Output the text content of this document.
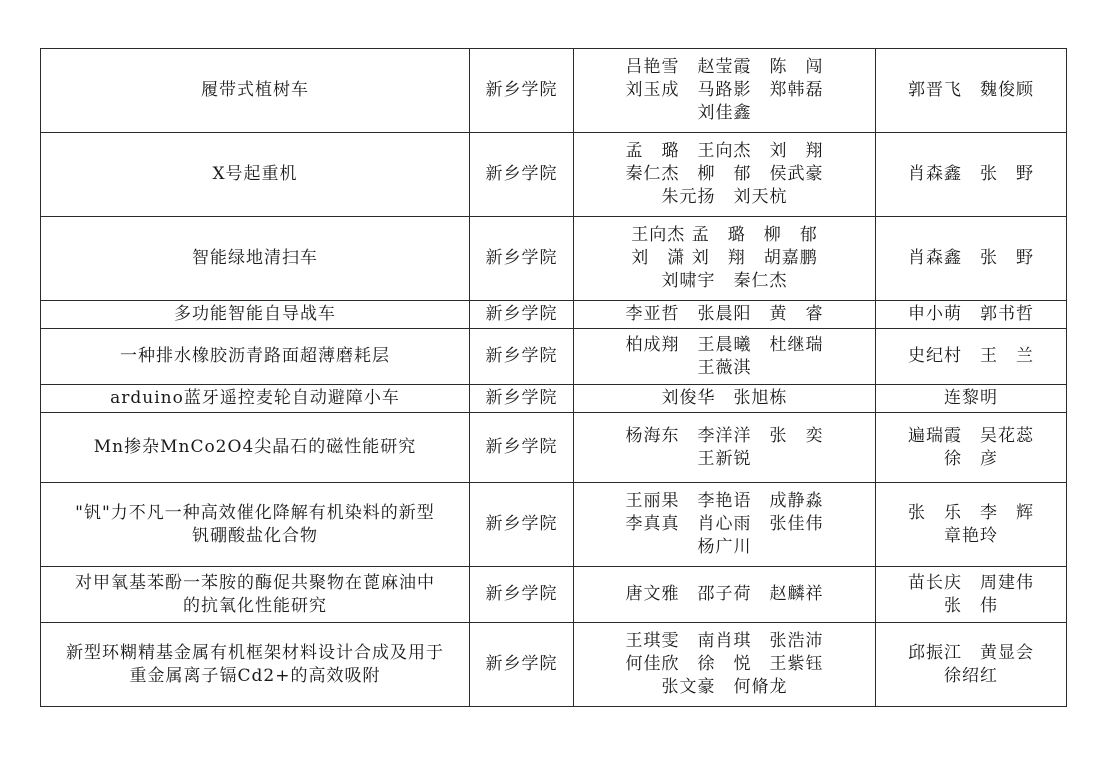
履带式植树车	新乡学院	吕艳雪　赵莹霞　陈　闯
刘玉成　马路影　郑韩磊
刘佳鑫	郭晋飞　魏俊顾

X号起重机	新乡学院	孟　璐　王向杰　刘　翔
秦仁杰　柳　郁　侯武豪
朱元扬　刘天杭	肖森鑫　张　野

智能绿地清扫车	新乡学院	王向杰 孟　璐　柳　郁
刘　潇 刘　翔　胡嘉鹏
刘啸宇　秦仁杰	肖森鑫　张　野

多功能智能自导战车	新乡学院	李亚哲　张晨阳　黄　睿	申小萌　郭书哲

一种排水橡胶沥青路面超薄磨耗层	新乡学院	柏成翔　王晨曦　杜继瑞
王薇淇	史纪村　王　兰

arduino蓝牙遥控麦轮自动避障小车	新乡学院	刘俊华　张旭栋	连黎明

Mn掺杂MnCo2O4尖晶石的磁性能研究	新乡学院	杨海东　李洋洋　张　奕
王新锐	遍瑞霞　吴花蕊
徐　彦

"钒"力不凡一种高效催化降解有机染料的新型
钒硼酸盐化合物	新乡学院	王丽果　李艳语　成静淼
李真真　肖心雨　张佳伟
杨广川	张　乐　李　辉
章艳玲

对甲氧基苯酚一苯胺的酶促共聚物在蓖麻油中
的抗氧化性能研究	新乡学院	唐文雅　邵子荷　赵麟祥	苗长庆　周建伟
张　伟

新型环糊精基金属有机框架材料设计合成及用于
重金属离子镉Cd2+的高效吸附	新乡学院	王琪雯　南肖琪　张浩沛
何佳欣　徐　悦　王紫钰
张文豪　何脩龙	邱振江　黄显会
徐绍红
